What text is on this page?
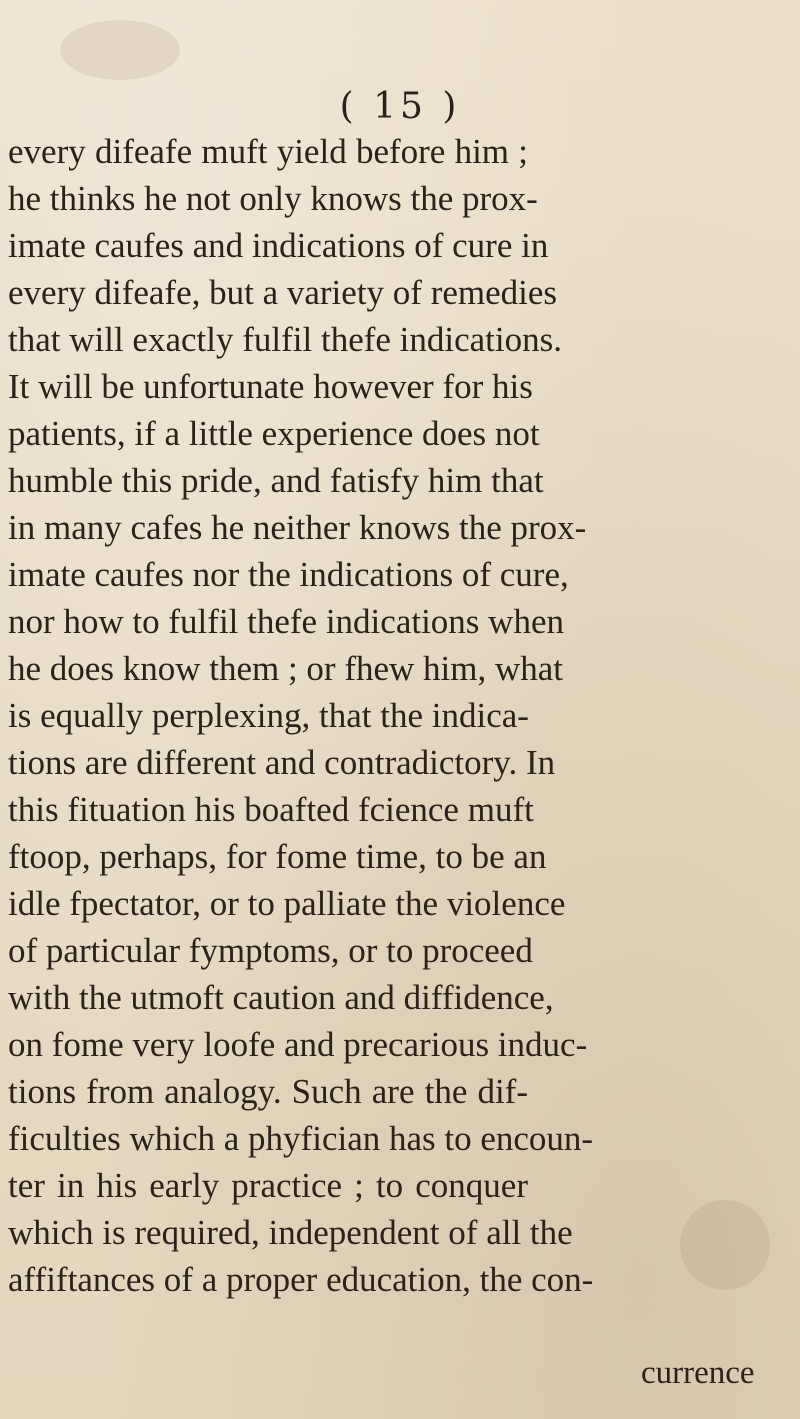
( 15 )
every difeafe muft yield before him ;
he thinks he not only knows the prox-
imate caufes and indications of cure in
every difeafe, but a variety of remedies
that will exactly fulfil thefe indications.
It will be unfortunate however for his
patients, if a little experience does not
humble this pride, and fatisfy him that
in many cafes he neither knows the prox-
imate caufes nor the indications of cure,
nor how to fulfil thefe indications when
he does know them ; or fhew him, what
is equally perplexing, that the indica-
tions are different and contradictory. In
this fituation his boafted fcience muft
ftoop, perhaps, for fome time, to be an
idle fpectator, or to palliate the violence
of particular fymptoms, or to proceed
with the utmoft caution and diffidence,
on fome very loofe and precarious induc-
tions from analogy. Such are the dif-
ficulties which a phyfician has to encoun-
ter in his early practice ; to conquer
which is required, independent of all the
affiftances of a proper education, the con-
currence
